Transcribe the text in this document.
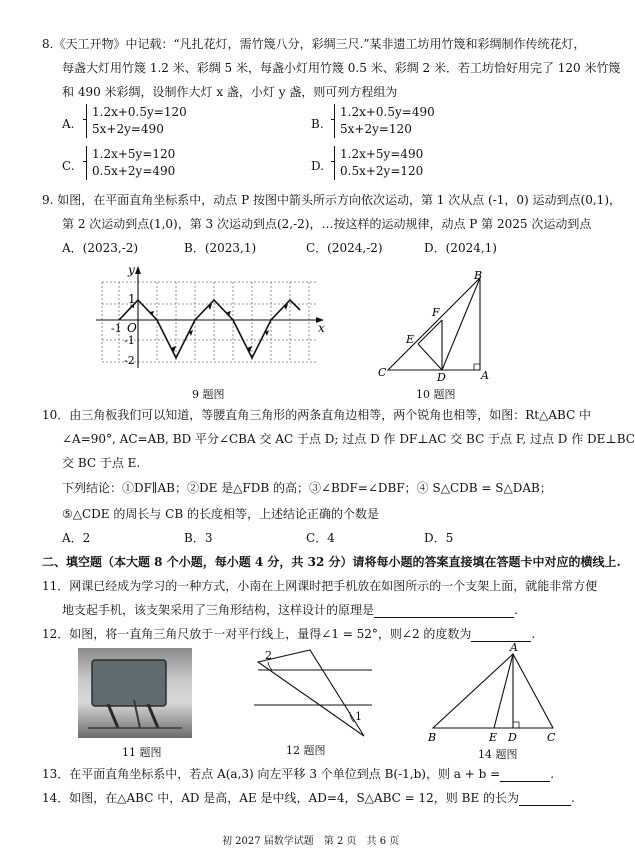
8.《天工开物》中记载：“凡扎花灯，需竹篾八分，彩绸三尺.”某非遗工坊用竹篾和彩绸制作传统花灯，
每盏大灯用竹篾 1.2 米、彩绸 5 米，每盏小灯用竹篾 0.5 米、彩绸 2 米．若工坊恰好用完了 120 米竹篾
和 490 米彩绸，设制作大灯 x 盏，小灯 y 盏，则可列方程组为
A.
1.2x+0.5y=120
5x+2y=490	B.
1.2x+0.5y=490
5x+2y=120
C.
1.2x+5y=120
0.5x+2y=490	D.
1.2x+5y=490
0.5x+2y=120
9. 如图，在平面直角坐标系中，动点 P 按图中箭头所示方向依次运动，第 1 次从点 (-1，0) 运动到点(0,1)，
第 2 次运动到点(1,0)，第 3 次运动到点(2,-2)，…按这样的运动规律，动点 P 第 2025 次运动到点
A．(2023,-2)	B．(2023,1)	C．(2024,-2)	D．(2024,1)
y
x
O
1
-1
-2
-1
9 题图
B
F
E
C	D	A
10 题图
10．由三角板我们可以知道，等腰直角三角形的两条直角边相等，两个锐角也相等，如图：Rt△ABC 中
∠A=90°, AC=AB, BD 平分∠CBA 交 AC 于点 D; 过点 D 作 DF⊥AC 交 BC 于点 F, 过点 D 作 DE⊥BC
交 BC 于点 E.
下列结论：①DF∥AB；②DE 是△FDB 的高；③∠BDF=∠DBF；④ S△CDB = S△DAB；
⑤△CDE 的周长与 CB 的长度相等，上述结论正确的个数是
A．2	B．3	C．4	D．5
二、填空题（本大题 8 个小题，每小题 4 分，共 32 分）请将每小题的答案直接填在答题卡中对应的横线上.
11．网课已经成为学习的一种方式，小南在上网课时把手机放在如图所示的一个支架上面，就能非常方便
地支起手机，该支架采用了三角形结构，这样设计的原理是	.
12．如图，将一直角三角尺放于一对平行线上，量得∠1 = 52°，则∠2 的度数为	.
11 题图
2
1
12 题图
A
B	E D	C
14 题图
13．在平面直角坐标系中，若点 A(a,3) 向左平移 3 个单位到点 B(-1,b)，则 a + b =	.
14．如图，在△ABC 中，AD 是高，AE 是中线，AD=4，S△ABC = 12，则 BE 的长为	.
初 2027 届数学试题　第 2 页　共 6 页
